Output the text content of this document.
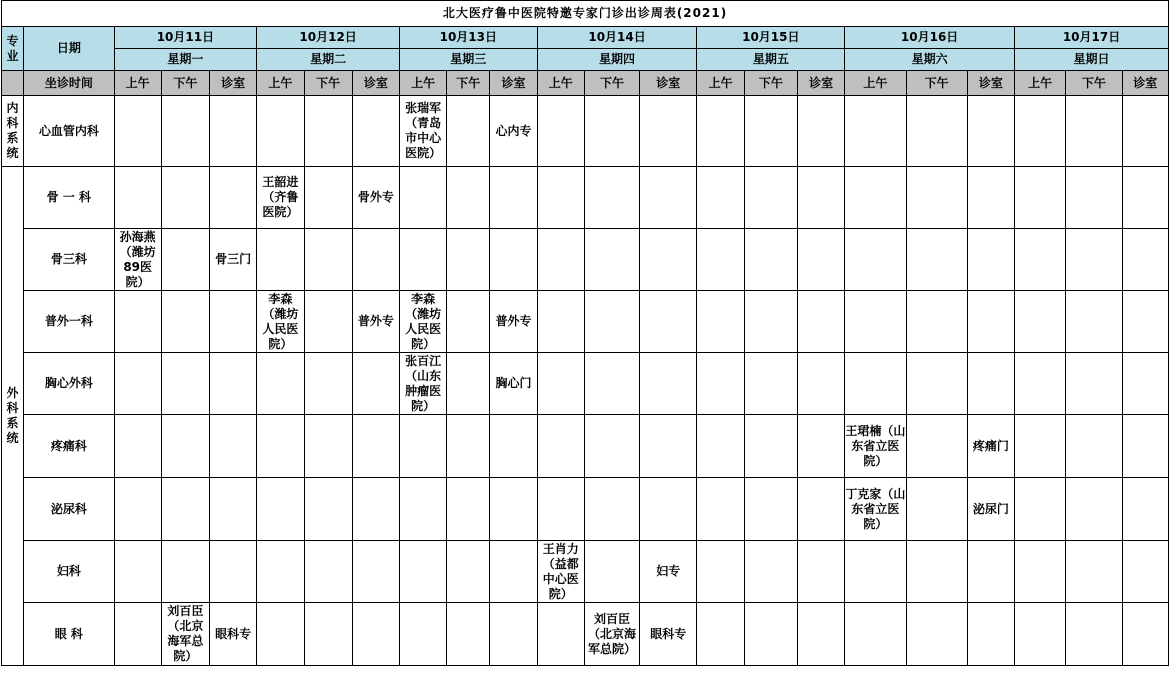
北大医疗鲁中医院特邀专家门诊出诊周表(2021)																						
专业	日期	10月11日			10月12日			10月13日			10月14日			10月15日			10月16日			10月17日		
		星期一			星期二			星期三			星期四			星期五			星期六			星期日		
	坐诊时间	上午	下午	诊室	上午	下午	诊室	上午	下午	诊室	上午	下午	诊室	上午	下午	诊室	上午	下午	诊室	上午	下午	诊室
内科系统	心血管内科							张瑞军（青岛市中心医院）		心内专												
外科系统	骨 一 科				王韶进（齐鲁医院）		骨外专															
	骨三科	孙海燕（潍坊89医院）		骨三门																		
	普外一科				李森（潍坊人民医院）		普外专	李森（潍坊人民医院）		普外专												
	胸心外科							张百江（山东肿瘤医院）		胸心门												
	疼痛科																王珺楠（山东省立医院）		疼痛门			
	泌尿科																丁克家（山东省立医院）		泌尿门			
	妇科										王肖力（益都中心医院）		妇专									
	眼 科		刘百臣（北京海军总院）	眼科专								刘百臣（北京海军总院）	眼科专									
